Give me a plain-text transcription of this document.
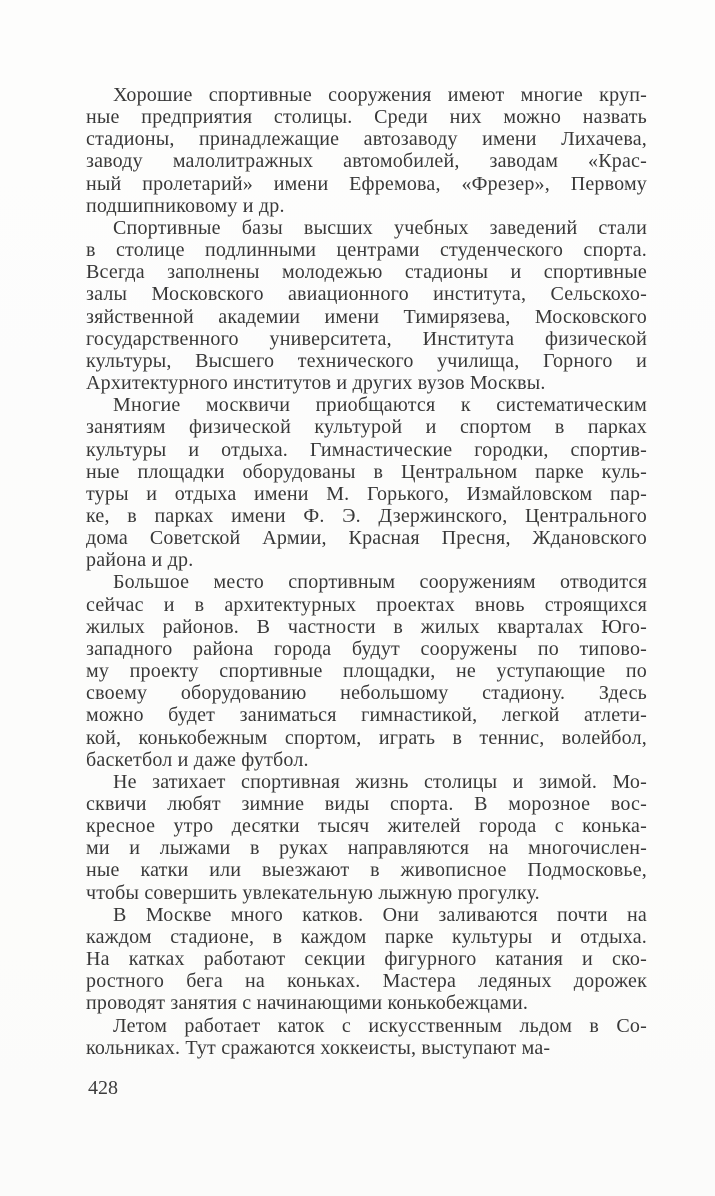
Хорошие спортивные сооружения имеют многие круп-
ные предприятия столицы. Среди них можно назвать
стадионы, принадлежащие автозаводу имени Лихачева,
заводу малолитражных автомобилей, заводам «Крас-
ный пролетарий» имени Ефремова, «Фрезер», Первому
подшипниковому и др.
Спортивные базы высших учебных заведений стали
в столице подлинными центрами студенческого спорта.
Всегда заполнены молодежью стадионы и спортивные
залы Московского авиационного института, Сельскохо-
зяйственной академии имени Тимирязева, Московского
государственного университета, Института физической
культуры, Высшего технического училища, Горного и
Архитектурного институтов и других вузов Москвы.
Многие москвичи приобщаются к систематическим
занятиям физической культурой и спортом в парках
культуры и отдыха. Гимнастические городки, спортив-
ные площадки оборудованы в Центральном парке куль-
туры и отдыха имени М. Горького, Измайловском пар-
ке, в парках имени Ф. Э. Дзержинского, Центрального
дома Советской Армии, Красная Пресня, Ждановского
района и др.
Большое место спортивным сооружениям отводится
сейчас и в архитектурных проектах вновь строящихся
жилых районов. В частности в жилых кварталах Юго-
западного района города будут сооружены по типово-
му проекту спортивные площадки, не уступающие по
своему оборудованию небольшому стадиону. Здесь
можно будет заниматься гимнастикой, легкой атлети-
кой, конькобежным спортом, играть в теннис, волейбол,
баскетбол и даже футбол.
Не затихает спортивная жизнь столицы и зимой. Мо-
сквичи любят зимние виды спорта. В морозное вос-
кресное утро десятки тысяч жителей города с конька-
ми и лыжами в руках направляются на многочислен-
ные катки или выезжают в живописное Подмосковье,
чтобы совершить увлекательную лыжную прогулку.
В Москве много катков. Они заливаются почти на
каждом стадионе, в каждом парке культуры и отдыха.
На катках работают секции фигурного катания и ско-
ростного бега на коньках. Мастера ледяных дорожек
проводят занятия с начинающими конькобежцами.
Летом работает каток с искусственным льдом в Со-
кольниках. Тут сражаются хоккеисты, выступают ма-
428
